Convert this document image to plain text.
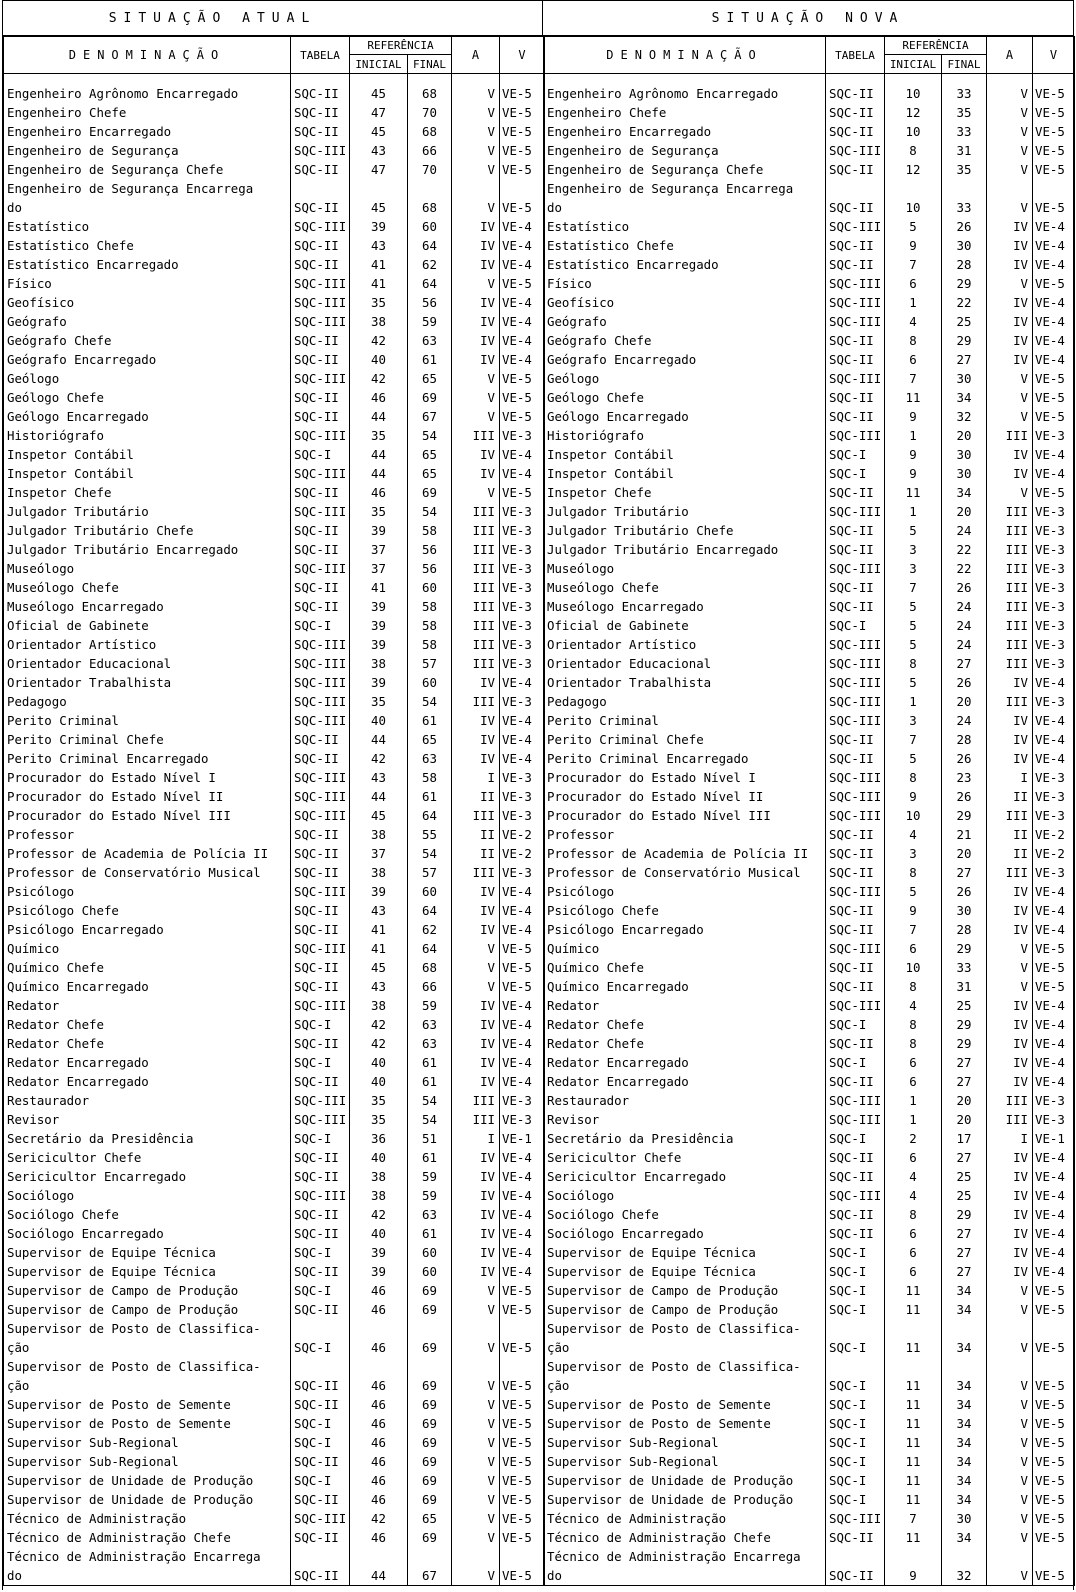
SITUAÇÃO ATUAL	SITUAÇÃO NOVA
DENOMINAÇÃO	TABELA	REFERÊNCIA		A	V
		INICIAL	FINAL		

Engenheiro Agrônomo Encarregado	SQC-II	45	68	V	VE-5
Engenheiro Chefe	SQC-II	47	70	V	VE-5
Engenheiro Encarregado	SQC-II	45	68	V	VE-5
Engenheiro de Segurança	SQC-III	43	66	V	VE-5
Engenheiro de Segurança Chefe	SQC-II	47	70	V	VE-5
Engenheiro de Segurança Encarrega
do	SQC-II	45	68	V	VE-5
Estatístico	SQC-III	39	60	IV	VE-4
Estatístico Chefe	SQC-II	43	64	IV	VE-4
Estatístico Encarregado	SQC-II	41	62	IV	VE-4
Físico	SQC-III	41	64	V	VE-5
Geofísico	SQC-III	35	56	IV	VE-4
Geógrafo	SQC-III	38	59	IV	VE-4
Geógrafo Chefe	SQC-II	42	63	IV	VE-4
Geógrafo Encarregado	SQC-II	40	61	IV	VE-4
Geólogo	SQC-III	42	65	V	VE-5
Geólogo Chefe	SQC-II	46	69	V	VE-5
Geólogo Encarregado	SQC-II	44	67	V	VE-5
Historiógrafo	SQC-III	35	54	III	VE-3
Inspetor Contábil	SQC-I	44	65	IV	VE-4
Inspetor Contábil	SQC-III	44	65	IV	VE-4
Inspetor Chefe	SQC-II	46	69	V	VE-5
Julgador Tributário	SQC-III	35	54	III	VE-3
Julgador Tributário Chefe	SQC-II	39	58	III	VE-3
Julgador Tributário Encarregado	SQC-II	37	56	III	VE-3
Museólogo	SQC-III	37	56	III	VE-3
Museólogo Chefe	SQC-II	41	60	III	VE-3
Museólogo Encarregado	SQC-II	39	58	III	VE-3
Oficial de Gabinete	SQC-I	39	58	III	VE-3
Orientador Artístico	SQC-III	39	58	III	VE-3
Orientador Educacional	SQC-III	38	57	III	VE-3
Orientador Trabalhista	SQC-III	39	60	IV	VE-4
Pedagogo	SQC-III	35	54	III	VE-3
Perito Criminal	SQC-III	40	61	IV	VE-4
Perito Criminal Chefe	SQC-II	44	65	IV	VE-4
Perito Criminal Encarregado	SQC-II	42	63	IV	VE-4
Procurador do Estado Nível I	SQC-III	43	58	I	VE-3
Procurador do Estado Nível II	SQC-III	44	61	II	VE-3
Procurador do Estado Nível III	SQC-III	45	64	III	VE-3
Professor	SQC-II	38	55	II	VE-2
Professor de Academia de Polícia II	SQC-II	37	54	II	VE-2
Professor de Conservatório Musical	SQC-II	38	57	III	VE-3
Psicólogo	SQC-III	39	60	IV	VE-4
Psicólogo Chefe	SQC-II	43	64	IV	VE-4
Psicólogo Encarregado	SQC-II	41	62	IV	VE-4
Químico	SQC-III	41	64	V	VE-5
Químico Chefe	SQC-II	45	68	V	VE-5
Químico Encarregado	SQC-II	43	66	V	VE-5
Redator	SQC-III	38	59	IV	VE-4
Redator Chefe	SQC-I	42	63	IV	VE-4
Redator Chefe	SQC-II	42	63	IV	VE-4
Redator Encarregado	SQC-I	40	61	IV	VE-4
Redator Encarregado	SQC-II	40	61	IV	VE-4
Restaurador	SQC-III	35	54	III	VE-3
Revisor	SQC-III	35	54	III	VE-3
Secretário da Presidência	SQC-I	36	51	I	VE-1
Sericicultor Chefe	SQC-II	40	61	IV	VE-4
Sericicultor Encarregado	SQC-II	38	59	IV	VE-4
Sociólogo	SQC-III	38	59	IV	VE-4
Sociólogo Chefe	SQC-II	42	63	IV	VE-4
Sociólogo Encarregado	SQC-II	40	61	IV	VE-4
Supervisor de Equipe Técnica	SQC-I	39	60	IV	VE-4
Supervisor de Equipe Técnica	SQC-II	39	60	IV	VE-4
Supervisor de Campo de Produção	SQC-I	46	69	V	VE-5
Supervisor de Campo de Produção	SQC-II	46	69	V	VE-5
Supervisor de Posto de Classifica-
ção	SQC-I	46	69	V	VE-5
Supervisor de Posto de Classifica-
ção	SQC-II	46	69	V	VE-5
Supervisor de Posto de Semente	SQC-II	46	69	V	VE-5
Supervisor de Posto de Semente	SQC-I	46	69	V	VE-5
Supervisor Sub-Regional	SQC-I	46	69	V	VE-5
Supervisor Sub-Regional	SQC-II	46	69	V	VE-5
Supervisor de Unidade de Produção	SQC-I	46	69	V	VE-5
Supervisor de Unidade de Produção	SQC-II	46	69	V	VE-5
Técnico de Administração	SQC-III	42	65	V	VE-5
Técnico de Administração Chefe	SQC-II	46	69	V	VE-5
Técnico de Administração Encarrega
do	SQC-II	44	67	V	VE-5
DENOMINAÇÃO	TABELA	REFERÊNCIA		A	V
		INICIAL	FINAL		

Engenheiro Agrônomo Encarregado	SQC-II	10	33	V	VE-5
Engenheiro Chefe	SQC-II	12	35	V	VE-5
Engenheiro Encarregado	SQC-II	10	33	V	VE-5
Engenheiro de Segurança	SQC-III	8	31	V	VE-5
Engenheiro de Segurança Chefe	SQC-II	12	35	V	VE-5
Engenheiro de Segurança Encarrega
do	SQC-II	10	33	V	VE-5
Estatístico	SQC-III	5	26	IV	VE-4
Estatístico Chefe	SQC-II	9	30	IV	VE-4
Estatístico Encarregado	SQC-II	7	28	IV	VE-4
Físico	SQC-III	6	29	V	VE-5
Geofísico	SQC-III	1	22	IV	VE-4
Geógrafo	SQC-III	4	25	IV	VE-4
Geógrafo Chefe	SQC-II	8	29	IV	VE-4
Geógrafo Encarregado	SQC-II	6	27	IV	VE-4
Geólogo	SQC-III	7	30	V	VE-5
Geólogo Chefe	SQC-II	11	34	V	VE-5
Geólogo Encarregado	SQC-II	9	32	V	VE-5
Historiógrafo	SQC-III	1	20	III	VE-3
Inspetor Contábil	SQC-I	9	30	IV	VE-4
Inspetor Contábil	SQC-I	9	30	IV	VE-4
Inspetor Chefe	SQC-II	11	34	V	VE-5
Julgador Tributário	SQC-III	1	20	III	VE-3
Julgador Tributário Chefe	SQC-II	5	24	III	VE-3
Julgador Tributário Encarregado	SQC-II	3	22	III	VE-3
Museólogo	SQC-III	3	22	III	VE-3
Museólogo Chefe	SQC-II	7	26	III	VE-3
Museólogo Encarregado	SQC-II	5	24	III	VE-3
Oficial de Gabinete	SQC-I	5	24	III	VE-3
Orientador Artístico	SQC-III	5	24	III	VE-3
Orientador Educacional	SQC-III	8	27	III	VE-3
Orientador Trabalhista	SQC-III	5	26	IV	VE-4
Pedagogo	SQC-III	1	20	III	VE-3
Perito Criminal	SQC-III	3	24	IV	VE-4
Perito Criminal Chefe	SQC-II	7	28	IV	VE-4
Perito Criminal Encarregado	SQC-II	5	26	IV	VE-4
Procurador do Estado Nível I	SQC-III	8	23	I	VE-3
Procurador do Estado Nível II	SQC-III	9	26	II	VE-3
Procurador do Estado Nível III	SQC-III	10	29	III	VE-3
Professor	SQC-II	4	21	II	VE-2
Professor de Academia de Polícia II	SQC-II	3	20	II	VE-2
Professor de Conservatório Musical	SQC-II	8	27	III	VE-3
Psicólogo	SQC-III	5	26	IV	VE-4
Psicólogo Chefe	SQC-II	9	30	IV	VE-4
Psicólogo Encarregado	SQC-II	7	28	IV	VE-4
Químico	SQC-III	6	29	V	VE-5
Químico Chefe	SQC-II	10	33	V	VE-5
Químico Encarregado	SQC-II	8	31	V	VE-5
Redator	SQC-III	4	25	IV	VE-4
Redator Chefe	SQC-I	8	29	IV	VE-4
Redator Chefe	SQC-II	8	29	IV	VE-4
Redator Encarregado	SQC-I	6	27	IV	VE-4
Redator Encarregado	SQC-II	6	27	IV	VE-4
Restaurador	SQC-III	1	20	III	VE-3
Revisor	SQC-III	1	20	III	VE-3
Secretário da Presidência	SQC-I	2	17	I	VE-1
Sericicultor Chefe	SQC-II	6	27	IV	VE-4
Sericicultor Encarregado	SQC-II	4	25	IV	VE-4
Sociólogo	SQC-III	4	25	IV	VE-4
Sociólogo Chefe	SQC-II	8	29	IV	VE-4
Sociólogo Encarregado	SQC-II	6	27	IV	VE-4
Supervisor de Equipe Técnica	SQC-I	6	27	IV	VE-4
Supervisor de Equipe Técnica	SQC-I	6	27	IV	VE-4
Supervisor de Campo de Produção	SQC-I	11	34	V	VE-5
Supervisor de Campo de Produção	SQC-I	11	34	V	VE-5
Supervisor de Posto de Classifica-
ção	SQC-I	11	34	V	VE-5
Supervisor de Posto de Classifica-
ção	SQC-I	11	34	V	VE-5
Supervisor de Posto de Semente	SQC-I	11	34	V	VE-5
Supervisor de Posto de Semente	SQC-I	11	34	V	VE-5
Supervisor Sub-Regional	SQC-I	11	34	V	VE-5
Supervisor Sub-Regional	SQC-I	11	34	V	VE-5
Supervisor de Unidade de Produção	SQC-I	11	34	V	VE-5
Supervisor de Unidade de Produção	SQC-I	11	34	V	VE-5
Técnico de Administração	SQC-III	7	30	V	VE-5
Técnico de Administração Chefe	SQC-II	11	34	V	VE-5
Técnico de Administração Encarrega
do	SQC-II	9	32	V	VE-5
